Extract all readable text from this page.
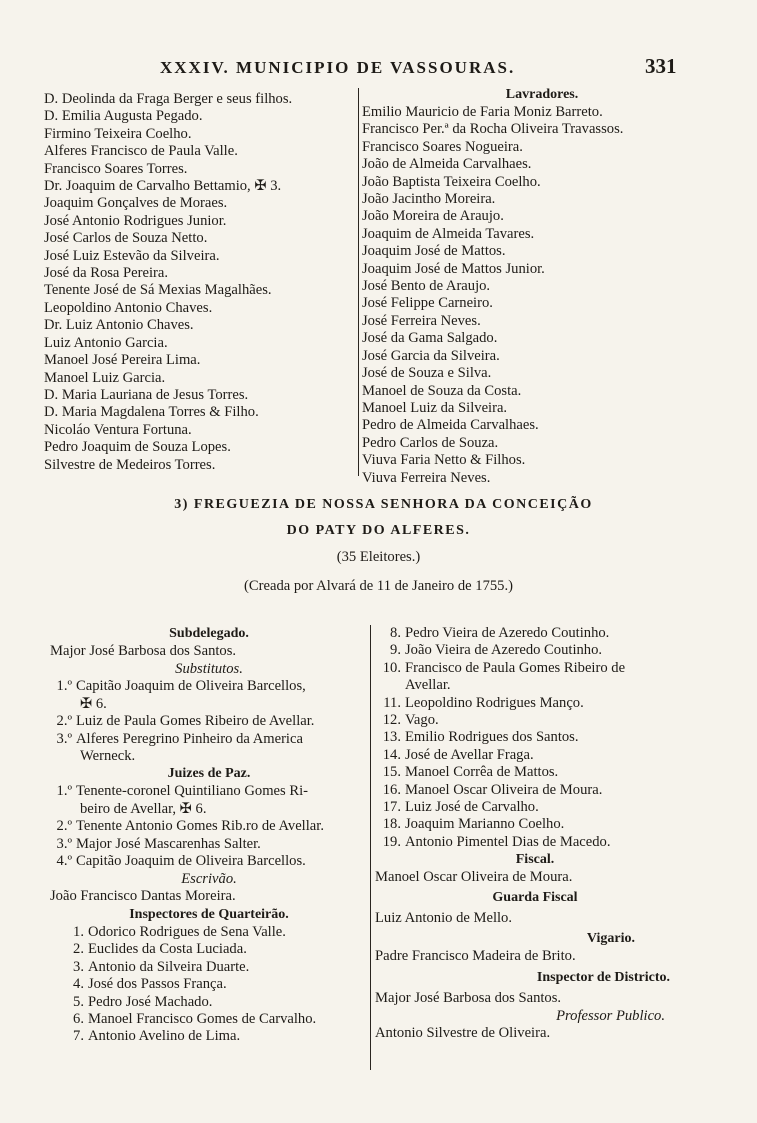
XXXIV. MUNICIPIO DE VASSOURAS.	331
D. Deolinda da Fraga Berger e seus filhos.
D. Emilia Augusta Pegado.
Firmino Teixeira Coelho.
Alferes Francisco de Paula Valle.
Francisco Soares Torres.
Dr. Joaquim de Carvalho Bettamio, ✠ 3.
Joaquim Gonçalves de Moraes.
José Antonio Rodrigues Junior.
José Carlos de Souza Netto.
José Luiz Estevão da Silveira.
José da Rosa Pereira.
Tenente José de Sá Mexias Magalhães.
Leopoldino Antonio Chaves.
Dr. Luiz Antonio Chaves.
Luiz Antonio Garcia.
Manoel José Pereira Lima.
Manoel Luiz Garcia.
D. Maria Lauriana de Jesus Torres.
D. Maria Magdalena Torres & Filho.
Nicoláo Ventura Fortuna.
Pedro Joaquim de Souza Lopes.
Silvestre de Medeiros Torres.
Lavradores.
Emilio Mauricio de Faria Moniz Barreto.
Francisco Per.ª da Rocha Oliveira Travassos.
Francisco Soares Nogueira.
João de Almeida Carvalhaes.
João Baptista Teixeira Coelho.
João Jacintho Moreira.
João Moreira de Araujo.
Joaquim de Almeida Tavares.
Joaquim José de Mattos.
Joaquim José de Mattos Junior.
José Bento de Araujo.
José Felippe Carneiro.
José Ferreira Neves.
José da Gama Salgado.
José Garcia da Silveira.
José de Souza e Silva.
Manoel de Souza da Costa.
Manoel Luiz da Silveira.
Pedro de Almeida Carvalhaes.
Pedro Carlos de Souza.
Viuva Faria Netto & Filhos.
Viuva Ferreira Neves.
3) FREGUEZIA DE NOSSA SENHORA DA CONCEIÇÃO
DO PATY DO ALFERES.
(35 Eleitores.)
(Creada por Alvará de 11 de Janeiro de 1755.)
Subdelegado.
Major José Barbosa dos Santos.
Substitutos.
1.º Capitão Joaquim de Oliveira Barcellos,
✠ 6.
2.º Luiz de Paula Gomes Ribeiro de Avellar.
3.º Alferes Peregrino Pinheiro da America
Werneck.
Juizes de Paz.
1.º Tenente-coronel Quintiliano Gomes Ri-
beiro de Avellar, ✠ 6.
2.º Tenente Antonio Gomes Rib.ro de Avellar.
3.º Major José Mascarenhas Salter.
4.º Capitão Joaquim de Oliveira Barcellos.
Escrivão.
João Francisco Dantas Moreira.
Inspectores de Quarteirão.
1. Odorico Rodrigues de Sena Valle.
2. Euclides da Costa Luciada.
3. Antonio da Silveira Duarte.
4. José dos Passos França.
5. Pedro José Machado.
6. Manoel Francisco Gomes de Carvalho.
7. Antonio Avelino de Lima.
8. Pedro Vieira de Azeredo Coutinho.
9. João Vieira de Azeredo Coutinho.
10. Francisco de Paula Gomes Ribeiro de
Avellar.
11. Leopoldino Rodrigues Manço.
12. Vago.
13. Emilio Rodrigues dos Santos.
14. José de Avellar Fraga.
15. Manoel Corrêa de Mattos.
16. Manoel Oscar Oliveira de Moura.
17. Luiz José de Carvalho.
18. Joaquim Marianno Coelho.
19. Antonio Pimentel Dias de Macedo.
Fiscal.
Manoel Oscar Oliveira de Moura.
Guarda Fiscal
Luiz Antonio de Mello.
Vigario.
Padre Francisco Madeira de Brito.
Inspector de Districto.
Major José Barbosa dos Santos.
Professor Publico.
Antonio Silvestre de Oliveira.
